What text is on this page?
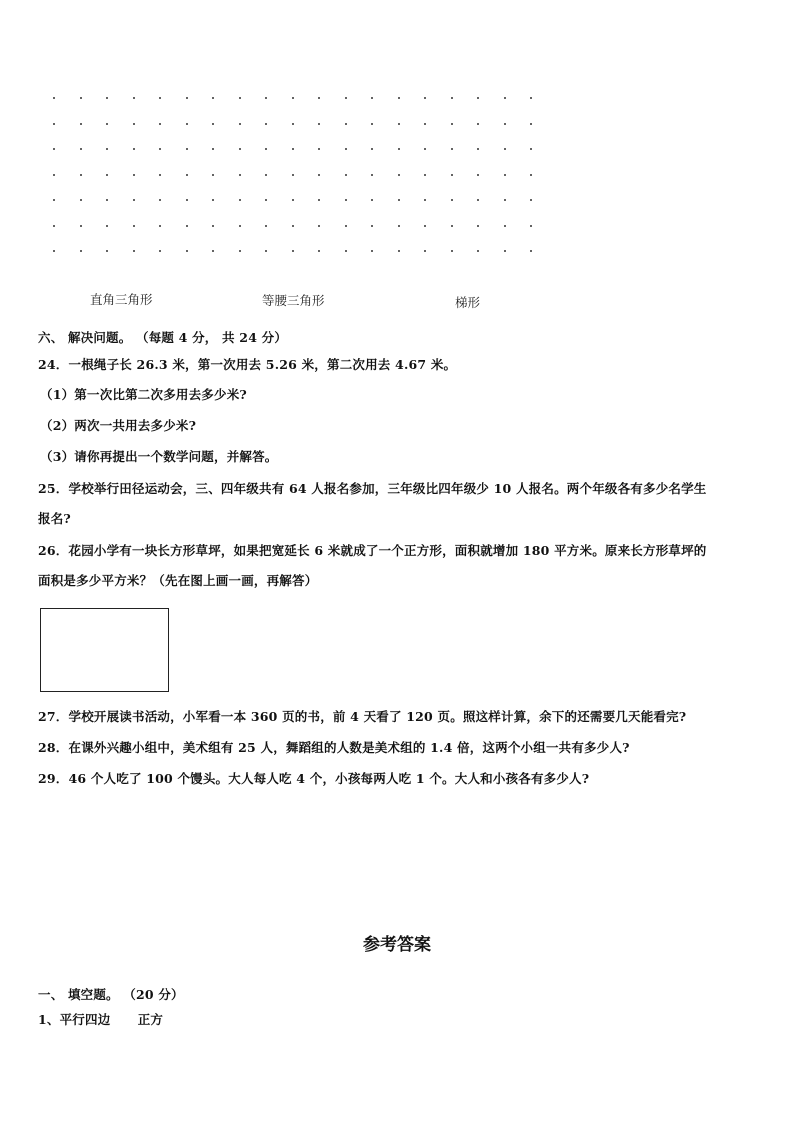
直角三角形	等腰三角形	梯形
六、 解决问题。 （每题 4 分， 共 24 分）
24．一根绳子长 26.3 米，第一次用去 5.26 米，第二次用去 4.67 米。
（1）第一次比第二次多用去多少米?
（2）两次一共用去多少米?
（3）请你再提出一个数学问题，并解答。
25．学校举行田径运动会，三、四年级共有 64 人报名参加，三年级比四年级少 10 人报名。两个年级各有多少名学生
报名?
26．花园小学有一块长方形草坪，如果把宽延长 6 米就成了一个正方形，面积就增加 180 平方米。原来长方形草坪的
面积是多少平方米？（先在图上画一画，再解答）
27．学校开展读书活动，小军看一本 360 页的书，前 4 天看了 120 页。照这样计算，余下的还需要几天能看完?
28．在课外兴趣小组中，美术组有 25 人，舞蹈组的人数是美术组的 1.4 倍，这两个小组一共有多少人?
29．46 个人吃了 100 个馒头。大人每人吃 4 个，小孩每两人吃 1 个。大人和小孩各有多少人?
参考答案
一、 填空题。 （20 分）
1、平行四边      正方
